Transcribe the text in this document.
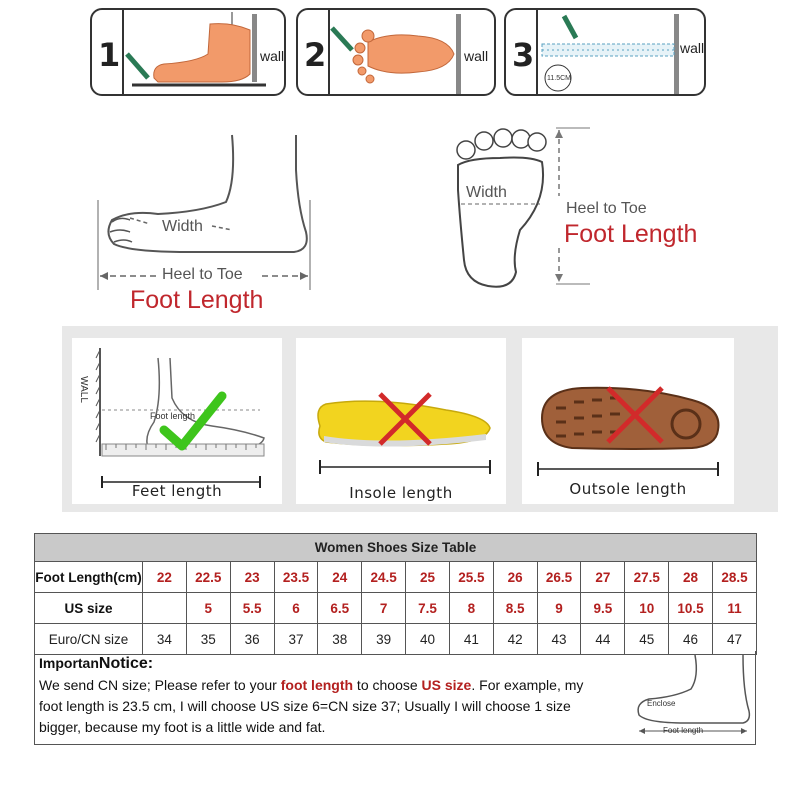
1	wall 2	wall 3	wall
11.5CM
Width
Heel to Toe
Foot Length
Width
Heel to Toe
Foot Length
WALL
Foot length
Feet length	Insole length	Outsole length
Women Shoes Size Table														
Foot Length(cm)	22	22.5	23	23.5	24	24.5	25	25.5	26	26.5	27	27.5	28	28.5
US size		5	5.5	6	6.5	7	7.5	8	8.5	9	9.5	10	10.5	11
Euro/CN size	34	35	36	37	38	39	40	41	42	43	44	45	46	47
ImportanNotice:
We send CN size; Please refer to your foot length to choose US size. For example, my foot length is 23.5 cm, I will choose US size 6=CN size 37; Usually I will choose 1 size bigger, because my foot is a little wide and fat.
Enclose
Foot length
